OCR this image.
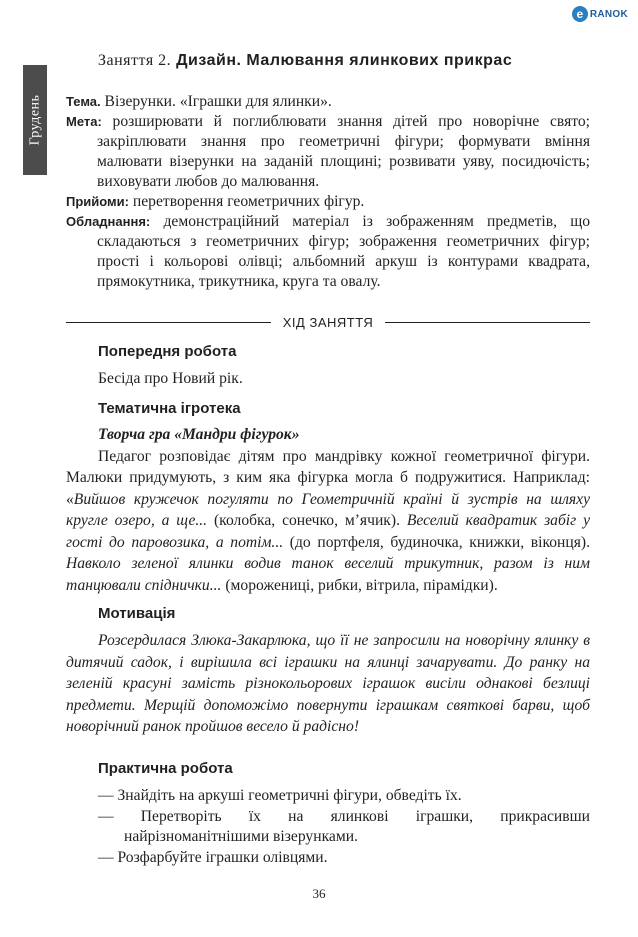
e RANOK
Грудень
Заняття 2. Дизайн. Малювання ялинкових прикрас

Тема. Візерунки. «Іграшки для ялинки».

Мета: розширювати й поглиблювати знання дітей про новорічне свято; закріплювати знання про геометричні фігури; формувати вміння малювати візерунки на заданій площині; розвивати уяву, посидючість; виховувати любов до малювання.

Прийоми: перетворення геометричних фігур.

Обладнання: демонстраційний матеріал із зображенням предметів, що складаються з геометричних фігур; зображення геометричних фігур; прості і кольорові олівці; альбомний аркуш із контурами квадрата, прямокутника, трикутника, круга та овалу.

ХІД ЗАНЯТТЯ
Попередня робота

Бесіда про Новий рік.

Тематична ігротека

Творча гра «Мандри фігурок»

Педагог розповідає дітям про мандрівку кожної геометричної фігури. Малюки придумують, з ким яка фігурка могла б подружитися. Наприклад: «Вийшов кружечок погуляти по Геометричній країні й зустрів на шляху кругле озеро, а ще... (колобка, сонечко, м’ячик). Веселий квадратик забіг у гості до паровозика, а потім... (до портфеля, будиночка, книжки, віконця). Навколо зеленої ялинки водив танок веселий трикутник, разом із ним танцювали спіднички... (морожениці, рибки, вітрила, пірамідки).

Мотивація

Розсердилася Злюка-Закарлюка, що її не запросили на новорічну ялинку в дитячий садок, і вирішила всі іграшки на ялинці зачарувати. До ранку на зеленій красуні замість різнокольорових іграшок висіли однакові безлиці предмети. Мерщій допоможімо повернути іграшкам святкові барви, щоб новорічний ранок пройшов весело й радісно!

Практична робота
— Знайдіть на аркуші геометричні фігури, обведіть їх.
— Перетворіть їх на ялинкові іграшки, прикрасивши найрізноманітнішими візерунками.
— Розфарбуйте іграшки олівцями.
36
